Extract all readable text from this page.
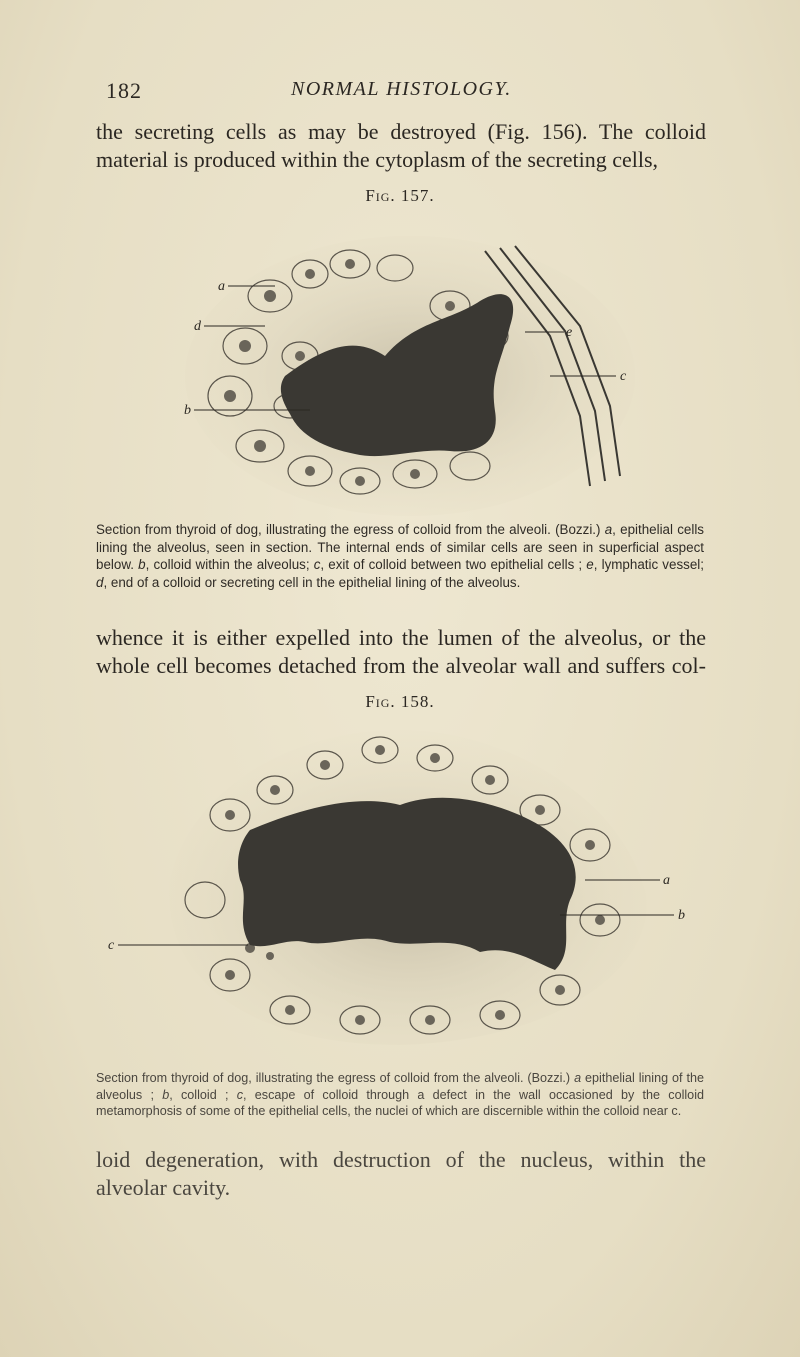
182	NORMAL HISTOLOGY.
the secreting cells as may be destroyed (Fig. 156). The colloid
material is produced within the cytoplasm of the secreting cells,
Fig. 157.
a
d	e
c
b
Section from thyroid of dog, illustrating the egress of colloid from the alveoli. (Bozzi.) a, epithelial cells lining the alveolus, seen in section. The internal ends of similar cells are seen in superficial aspect below. b, colloid within the alveolus; c, exit of colloid between two epithelial cells ; e, lymphatic vessel; d, end of a colloid or secreting cell in the epithelial lining of the alveolus.
whence it is either expelled into the lumen of the alveolus, or the
whole cell becomes detached from the alveolar wall and suffers col-
Fig. 158.
a
b
c
Section from thyroid of dog, illustrating the egress of colloid from the alveoli. (Bozzi.) a epithelial lining of the alveolus ; b, colloid ; c, escape of colloid through a defect in the wall occasioned by the colloid metamorphosis of some of the epithelial cells, the nuclei of which are discernible within the colloid near c.
loid degeneration, with destruction of the nucleus, within the
alveolar cavity.
